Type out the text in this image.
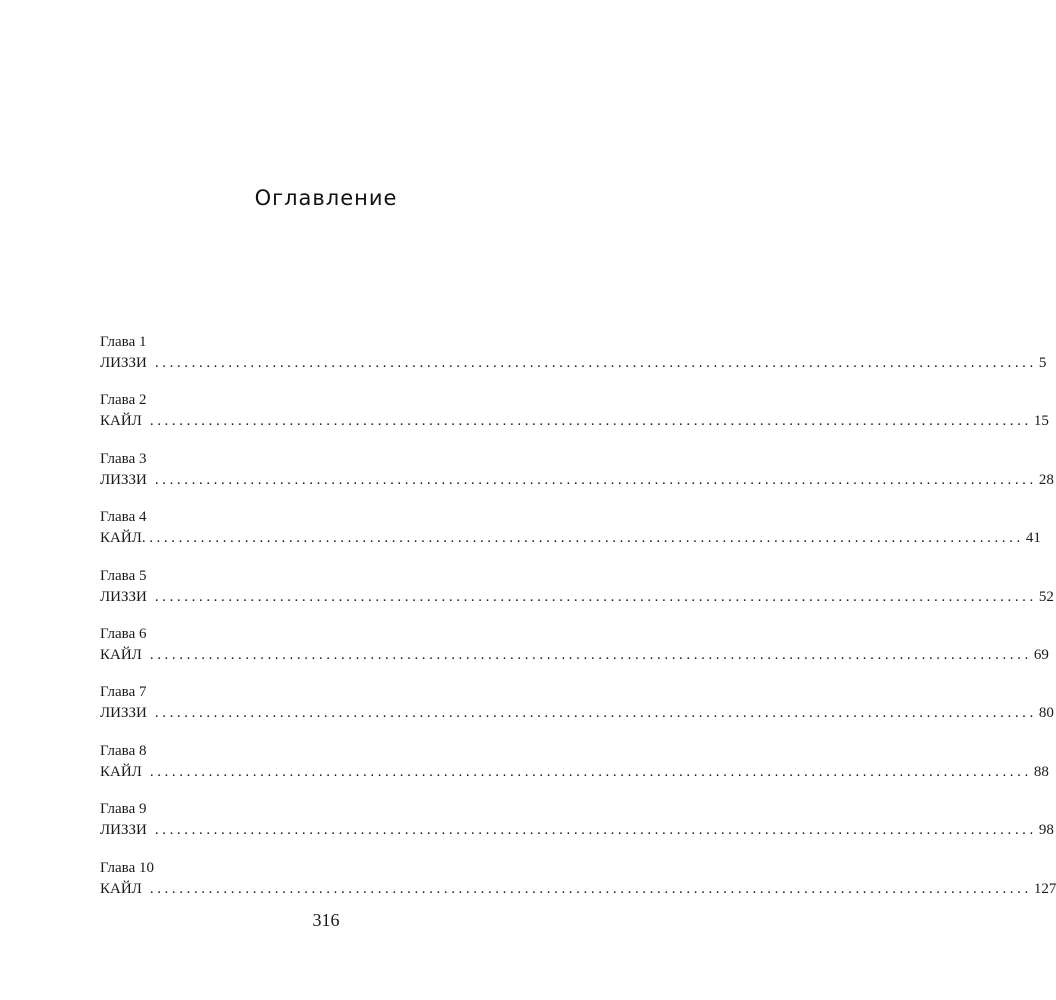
Оглавление
Глава 1
ЛИЗЗИ ........................................................................................................................ 5
Глава 2
КАЙЛ ........................................................................................................................ 15
Глава 3
ЛИЗЗИ ........................................................................................................................ 28
Глава 4
КАЙЛ ........................................................................................................................ 41
Глава 5
ЛИЗЗИ ........................................................................................................................ 52
Глава 6
КАЙЛ ........................................................................................................................ 69
Глава 7
ЛИЗЗИ ........................................................................................................................ 80
Глава 8
КАЙЛ ........................................................................................................................ 88
Глава 9
ЛИЗЗИ ........................................................................................................................ 98
Глава 10
КАЙЛ ........................................................................................................................ 127
316
